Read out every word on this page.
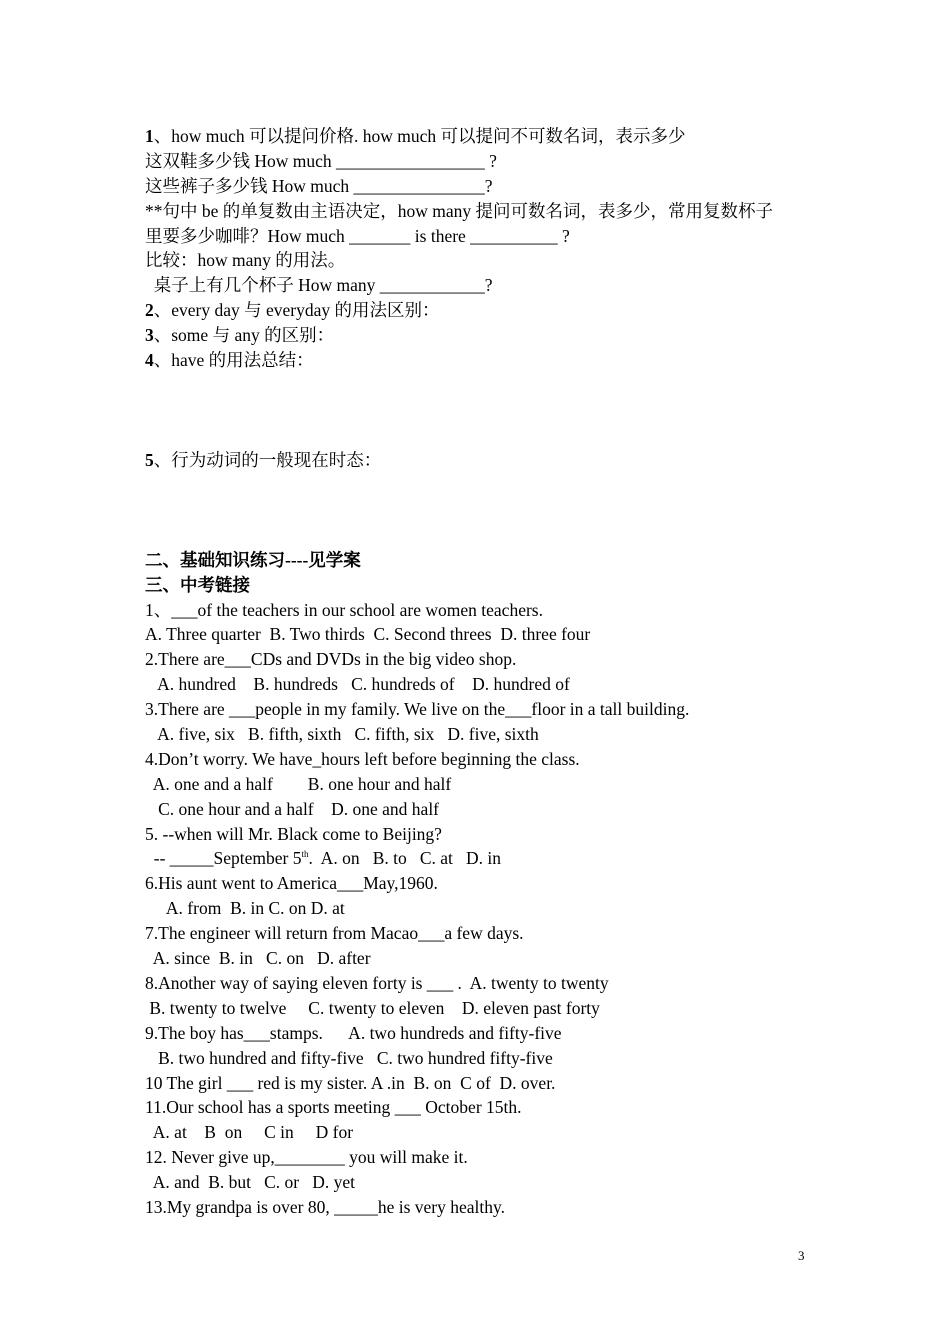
1、how much 可以提问价格. how much 可以提问不可数名词，表示多少
这双鞋多少钱 How much _________________ ?
这些裤子多少钱 How much _______________?
**句中 be 的单复数由主语决定，how many 提问可数名词，表多少，常用复数杯子
里要多少咖啡？How much _______ is there __________ ?
比较：how many 的用法。
桌子上有几个杯子 How many ____________?
2、every day 与 everyday 的用法区别：
3、some 与 any 的区别：
4、have 的用法总结：
5、行为动词的一般现在时态：
二、基础知识练习----见学案
三、中考链接
1、___of the teachers in our school are women teachers.
A. Three quarter  B. Two thirds  C. Second threes  D. three four
2.There are___CDs and DVDs in the big video shop.
A. hundred    B. hundreds   C. hundreds of    D. hundred of
3.There are ___people in my family. We live on the___floor in a tall building.
A. five, six   B. fifth, sixth   C. fifth, six   D. five, sixth
4.Don’t worry. We have_hours left before beginning the class.
A. one and a half        B. one hour and half
C. one hour and a half    D. one and half
5. --when will Mr. Black come to Beijing?
-- _____September 5th.  A. on   B. to   C. at   D. in
6.His aunt went to America___May,1960.
A. from  B. in C. on D. at
7.The engineer will return from Macao___a few days.
A. since  B. in   C. on   D. after
8.Another way of saying eleven forty is ___ .  A. twenty to twenty
B. twenty to twelve     C. twenty to eleven    D. eleven past forty
9.The boy has___stamps.      A. two hundreds and fifty-five
B. two hundred and fifty-five   C. two hundred fifty-five
10 The girl ___ red is my sister. A .in  B. on  C of  D. over.
11.Our school has a sports meeting ___ October 15th.
A. at    B  on     C in     D for
12. Never give up,________ you will make it.
A. and  B. but   C. or   D. yet
13.My grandpa is over 80, _____he is very healthy.
3
